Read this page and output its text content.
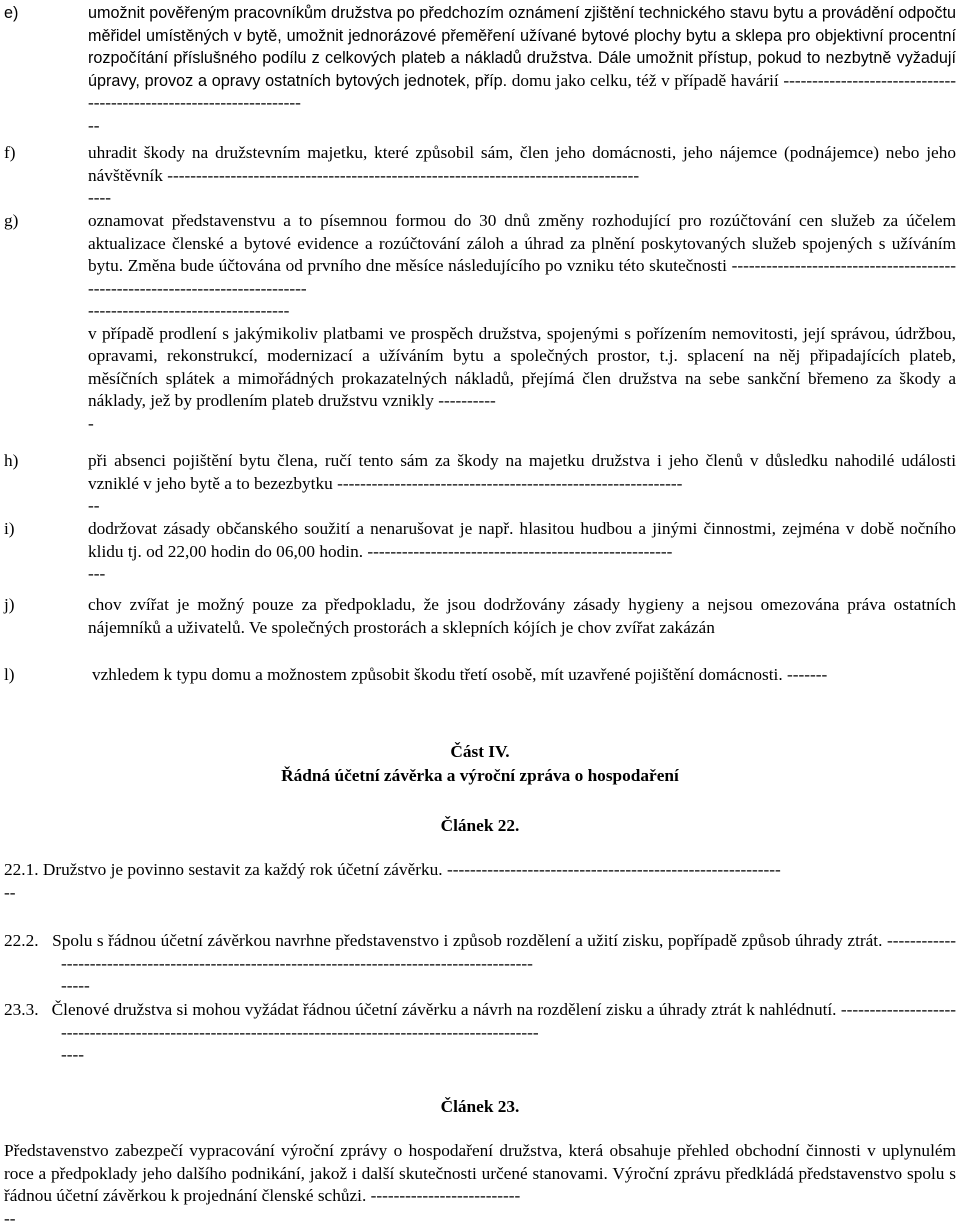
e)	umožnit pověřeným pracovníkům družstva po předchozím oznámení zjištění technického stavu bytu a provádění odpočtu měřidel umístěných v bytě, umožnit jednorázové přeměření užívané bytové plochy bytu a sklepa pro objektivní procentní rozpočítání příslušného podílu z celkových plateb a nákladů družstva. Dále umožnit přístup, pokud to nezbytně vyžadují úpravy, provoz a opravy ostatních bytových jednotek, příp. domu jako celku, též v případě havárií -------------------------------------------------------------------
--
f)	uhradit škody na družstevním majetku, které způsobil sám, člen jeho domácnosti, jeho nájemce (podnájemce) nebo jeho návštěvník ----------------------------------------------------------------------------------
----
g)	oznamovat představenstvu a to písemnou formou do 30 dnů změny rozhodující pro rozúčtování cen služeb za účelem aktualizace členské a bytové evidence a rozúčtování záloh a úhrad za plnění poskytovaných služeb spojených s užíváním bytu. Změna bude účtována od prvního dne měsíce následujícího po vzniku této skutečnosti -----------------------------------------------------------------------------
-----------------------------------
v případě prodlení s jakýmikoliv platbami ve prospěch družstva, spojenými s pořízením nemovitosti, její správou, údržbou, opravami, rekonstrukcí, modernizací a užíváním bytu a společných prostor, t.j. splacení na něj připadajících plateb, měsíčních splátek a mimořádných prokazatelných nákladů, přejímá člen družstva na sebe sankční břemeno za škody a náklady, jež by prodlením plateb družstvu vznikly ----------
-
h)	při absenci pojištění bytu člena, ručí tento sám za škody na majetku družstva i jeho členů v důsledku nahodilé události vzniklé v jeho bytě a to bezezbytku ------------------------------------------------------------
--
i)	dodržovat zásady občanského soužití a nenarušovat je např. hlasitou hudbou a jinými činnostmi, zejména v době nočního klidu tj. od 22,00 hodin do 06,00 hodin. -----------------------------------------------------
---
j)	chov zvířat je možný pouze za předpokladu, že jsou dodržovány zásady hygieny a nejsou omezována práva ostatních nájemníků a uživatelů. Ve společných prostorách a sklepních kójích je chov zvířat zakázán
l)	vzhledem k typu domu a možnostem způsobit škodu třetí osobě, mít uzavřené pojištění domácnosti. -------
Část IV.
Řádná účetní závěrka a výroční zpráva o hospodaření
Článek 22.
22.1. Družstvo je povinno sestavit za každý rok účetní závěrku. ----------------------------------------------------------
--
22.2. Spolu s řádnou účetní závěrkou navrhne představenstvo i způsob rozdělení a užití zisku, popřípadě způsob úhrady ztrát. ----------------------------------------------------------------------------------------------
-----
23.3. Členové družstva si mohou vyžádat řádnou účetní závěrku a návrh na rozdělení zisku a úhrady ztrát k nahlédnutí. -------------------------------------------------------------------------------------------------------
----
Článek 23.
Představenstvo zabezpečí vypracování výroční zprávy o hospodaření družstva, která obsahuje přehled obchodní činnosti v uplynulém roce a předpoklady jeho dalšího podnikání, jakož i další skutečnosti určené stanovami. Výroční zprávu předkládá představenstvo spolu s řádnou účetní závěrkou k projednání členské schůzi. --------------------------
--
